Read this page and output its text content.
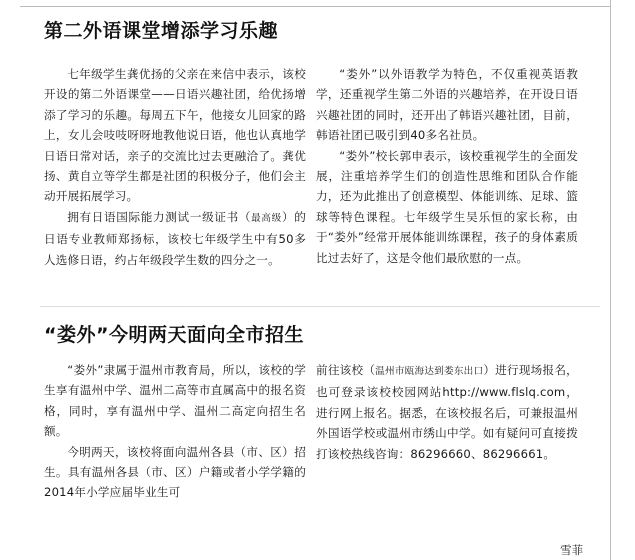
第二外语课堂增添学习乐趣

七年级学生龚优扬的父亲在来信中表示，该校开设的第二外语课堂——日语兴趣社团，给优扬增添了学习的乐趣。每周五下午，他接女儿回家的路上，女儿会吱吱呀呀地教他说日语，他也认真地学日语日常对话，亲子的交流比过去更融洽了。龚优扬、黄自立等学生都是社团的积极分子，他们会主动开展拓展学习。

拥有日语国际能力测试一级证书（最高级）的日语专业教师郑扬标，该校七年级学生中有50多人选修日语，约占年级段学生数的四分之一。

“娄外”以外语教学为特色，不仅重视英语教学，还重视学生第二外语的兴趣培养，在开设日语兴趣社团的同时，还开出了韩语兴趣社团，目前，韩语社团已吸引到40多名社员。

“娄外”校长郭申表示，该校重视学生的全面发展，注重培养学生们的创造性思维和团队合作能力，还为此推出了创意模型、体能训练、足球、篮球等特色课程。七年级学生吴乐恒的家长称，由于“娄外”经常开展体能训练课程，孩子的身体素质比过去好了，这是令他们最欣慰的一点。

“娄外”今明两天面向全市招生

“娄外”隶属于温州市教育局，所以，该校的学生享有温州中学、温州二高等市直属高中的报名资格，同时，享有温州中学、温州二高定向招生名额。

今明两天，该校将面向温州各县（市、区）招生。具有温州各县（市、区）户籍或者小学学籍的2014年小学应届毕业生可

前往该校（温州市瓯海达到娄东出口）进行现场报名，也可登录该校校园网站http://www.flslq.com，进行网上报名。据悉，在该校报名后，可兼报温州外国语学校或温州市绣山中学。如有疑问可直接拨打该校热线咨询：86296660、86296661。

雪菲
